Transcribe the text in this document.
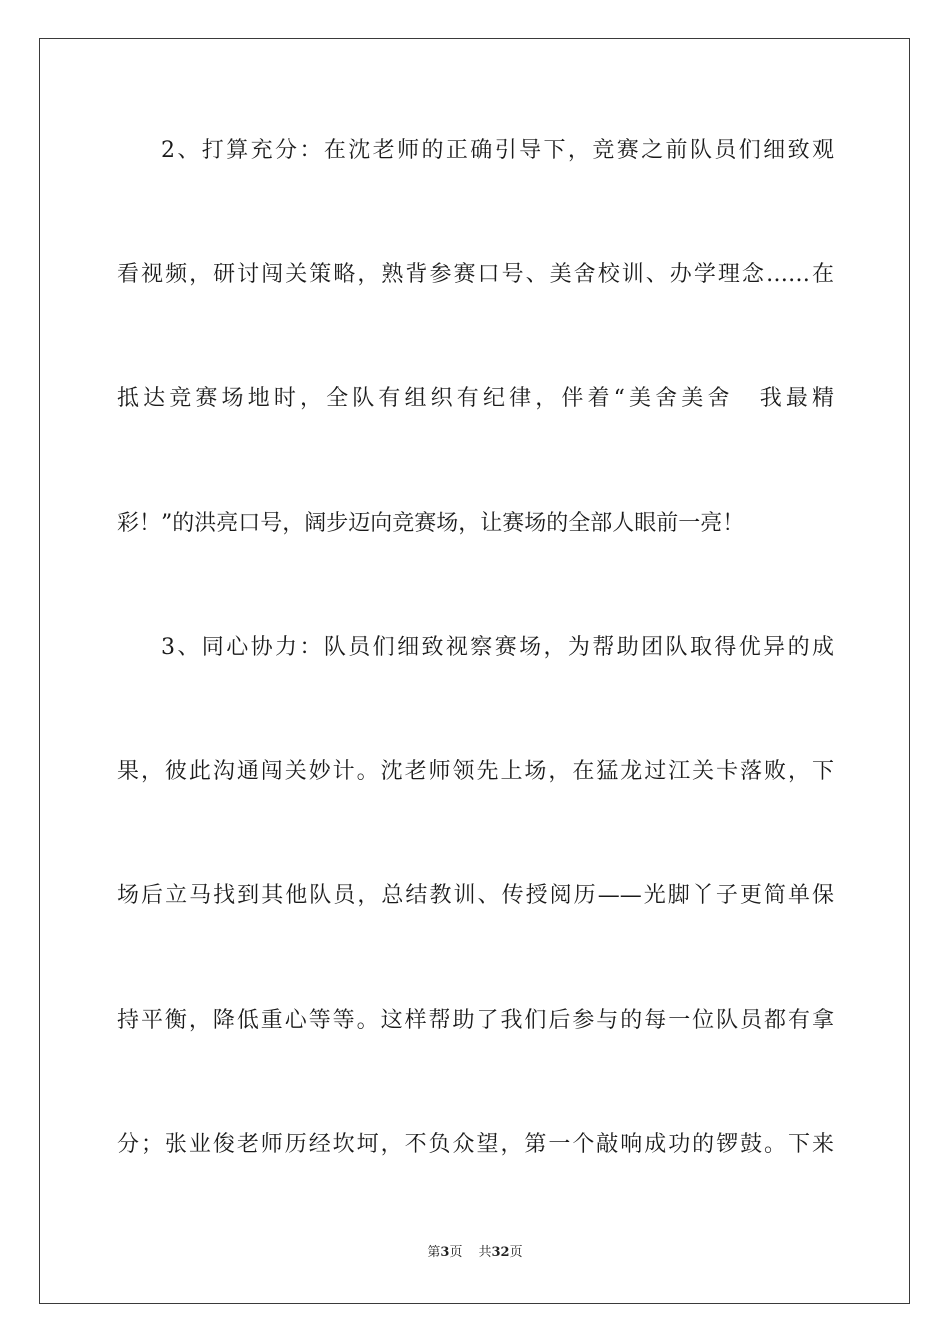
2、打算充分：在沈老师的正确引导下，竞赛之前队员们细致观
看视频，研讨闯关策略，熟背参赛口号、美舍校训、办学理念……在
抵达竞赛场地时，全队有组织有纪律，伴着“美舍美舍　我最精
彩！”的洪亮口号，阔步迈向竞赛场，让赛场的全部人眼前一亮！
3、同心协力：队员们细致视察赛场，为帮助团队取得优异的成
果，彼此沟通闯关妙计。沈老师领先上场，在猛龙过江关卡落败，下
场后立马找到其他队员，总结教训、传授阅历——光脚丫子更简单保
持平衡，降低重心等等。这样帮助了我们后参与的每一位队员都有拿
分；张业俊老师历经坎坷，不负众望，第一个敲响成功的锣鼓。下来
第3页 共32页
